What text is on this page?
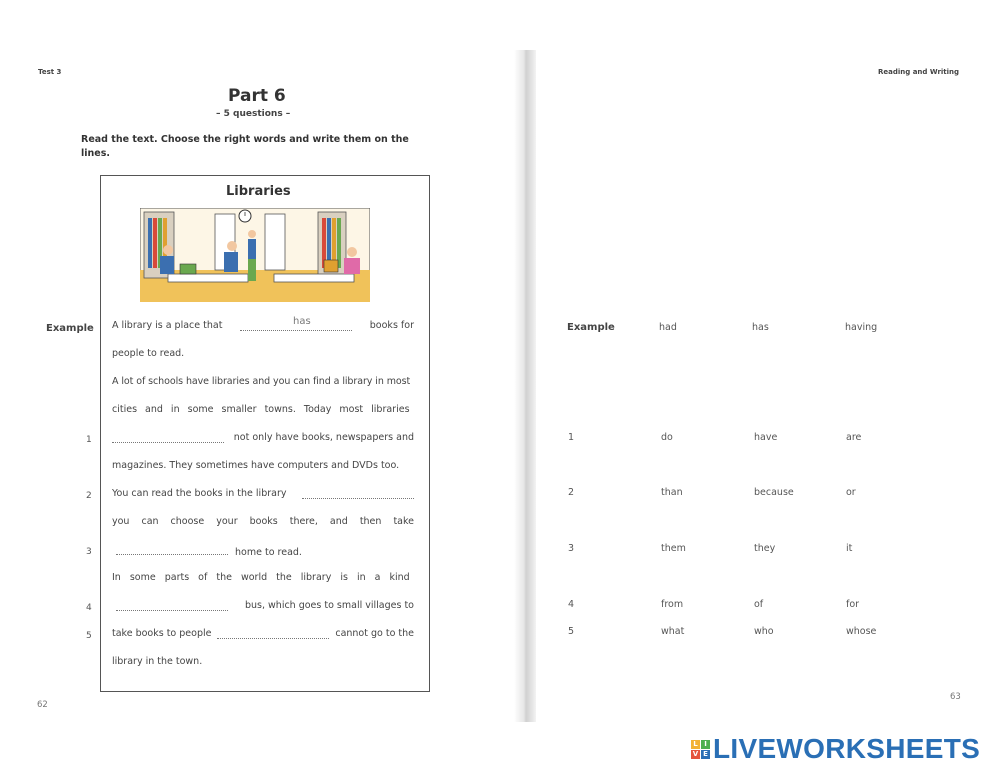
Test 3
Part 6
– 5 questions –
Read the text. Choose the right words and write them on the lines.
Libraries
Example A library is a place that	books for
has
people to read.
A lot of schools have libraries and you can find a library in most
cities and in some smaller towns. Today most libraries
1	not only have books, newspapers and
magazines. They sometimes have computers and DVDs too.
2 You can read the books in the library
you can choose your books there, and then take
3	home to read.
In some parts of the world the library is in a kind
4	bus, which goes to small villages to
5 take books to people	cannot go to the
library in the town.
62
Reading and Writing
Example	had	has	having
1	do	have	are
2	than	because	or
3	them	they	it
4	from	of	for
5	what	who	whose
63
L I
V E LIVEWORKSHEETS
